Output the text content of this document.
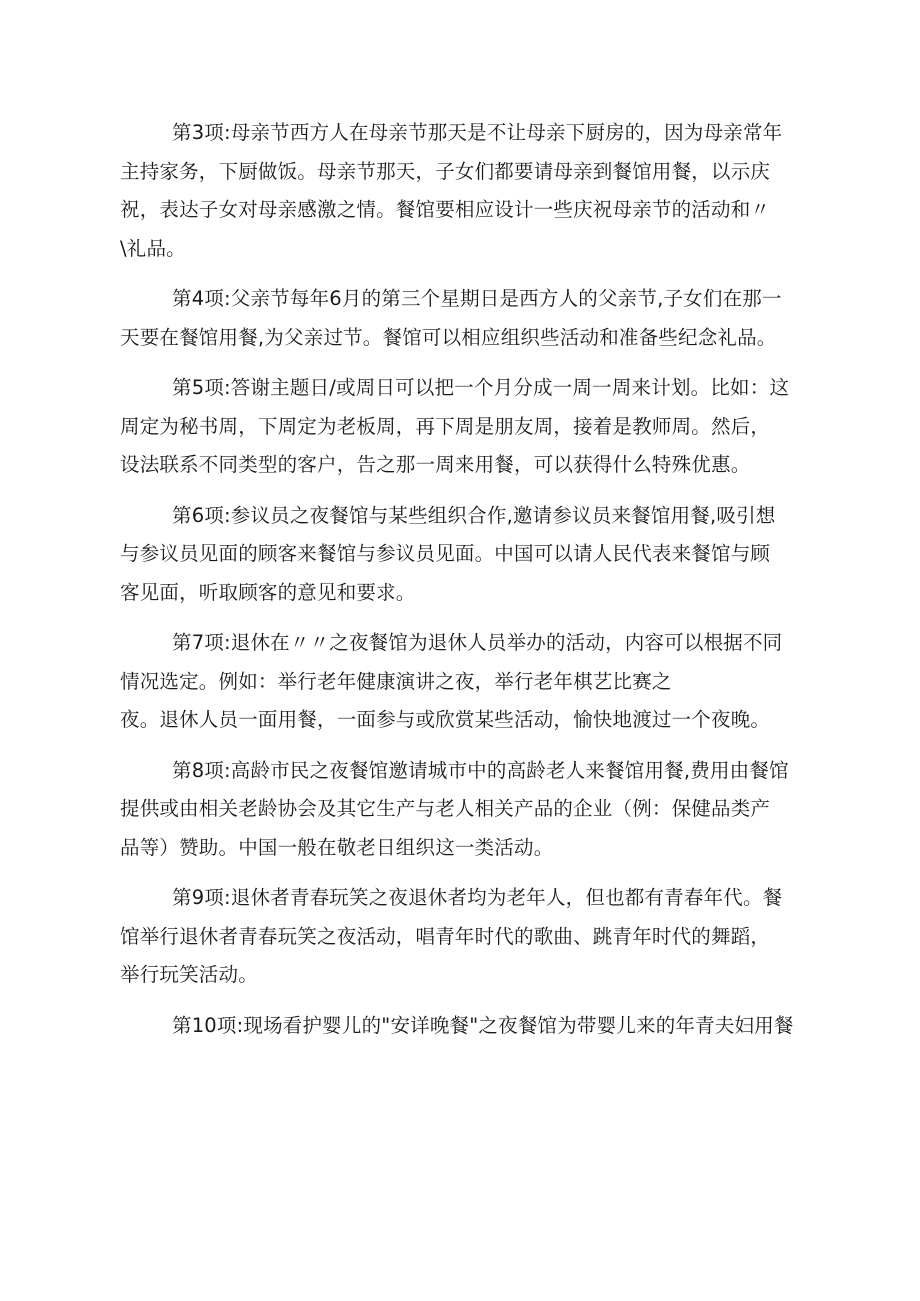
第3项:母亲节西方人在母亲节那天是不让母亲下厨房的，因为母亲常年
主持家务，下厨做饭。母亲节那天，子女们都要请母亲到餐馆用餐，以示庆
祝，表达子女对母亲感激之情。餐馆要相应设计一些庆祝母亲节的活动和〃
\礼品。
第4项:父亲节每年6月的第三个星期日是西方人的父亲节,子女们在那一
天要在餐馆用餐,为父亲过节。餐馆可以相应组织些活动和准备些纪念礼品。
第5项:答谢主题日/或周日可以把一个月分成一周一周来计划。比如：这
周定为秘书周，下周定为老板周，再下周是朋友周，接着是教师周。然后，
设法联系不同类型的客户，告之那一周来用餐，可以获得什么特殊优惠。
第6项:参议员之夜餐馆与某些组织合作,邀请参议员来餐馆用餐,吸引想
与参议员见面的顾客来餐馆与参议员见面。中国可以请人民代表来餐馆与顾
客见面，听取顾客的意见和要求。
第7项:退休在〃〃之夜餐馆为退休人员举办的活动，内容可以根据不同
情况选定。例如：举行老年健康演讲之夜，举行老年棋艺比赛之
夜。退休人员一面用餐，一面参与或欣赏某些活动，愉快地渡过一个夜晚。
第8项:高龄市民之夜餐馆邀请城市中的高龄老人来餐馆用餐,费用由餐馆
提供或由相关老龄协会及其它生产与老人相关产品的企业（例：保健品类产
品等）赞助。中国一般在敬老日组织这一类活动。
第9项:退休者青春玩笑之夜退休者均为老年人，但也都有青春年代。餐
馆举行退休者青春玩笑之夜活动，唱青年时代的歌曲、跳青年时代的舞蹈，
举行玩笑活动。
第10项:现场看护婴儿的"安详晚餐"之夜餐馆为带婴儿来的年青夫妇用餐
